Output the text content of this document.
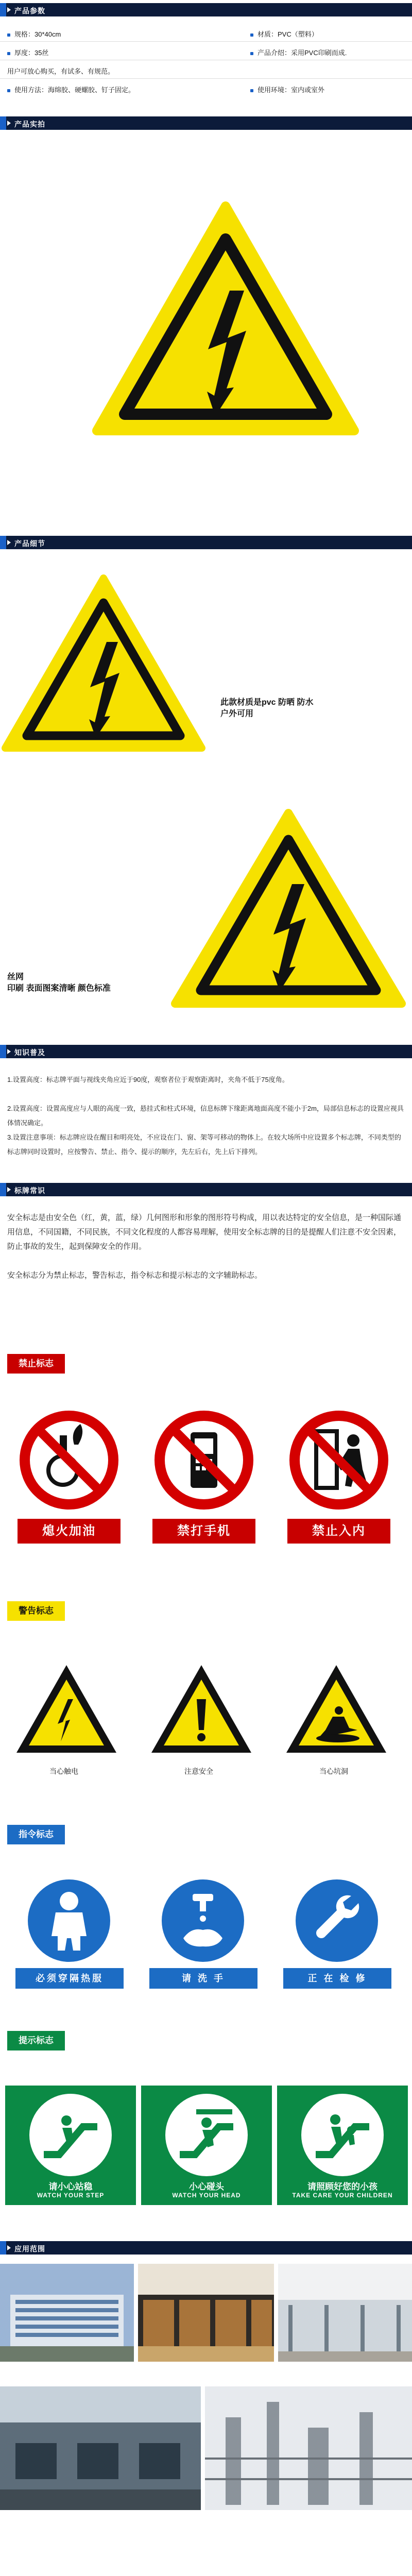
产品参数
规格：30*40cm	材质：PVC（塑料）
厚度：35丝	产品介绍：采用PVC印刷而成.
用户可放心购买，有试多、有规范。
使用方法：海绵胶、硬螺胶、钉子固定。	使用环境：室内或室外
产品实拍
产品细节
此款材质是pvc 防晒 防水
户外可用
丝网
印刷 表面图案清晰 颜色标准
知识普及
1.设置高度：标志牌平面与视线夹角应近于90度，观察者位于观察距离时，夹角不低于75度角。
2.设置高度：设置高度应与人眼的高度一致，悬挂式和柱式环境，信息标牌下缘距离地面高度不能小于2m，局部信息标志的设置应视具体情况确定。
3.设置注意事项：标志牌应设在醒目和明亮处，不应设在门、窗、架等可移动的物体上。在较大场所中应设置多个标志牌，不同类型的标志牌同时设置时，应按警告、禁止、指令、提示的顺序，先左后右，先上后下排列。
标牌常识
安全标志是由安全色（红，黄，蓝，绿）几何图形和形象的图形符号构成，用以表达特定的安全信息，是一种国际通用信息，不同国籍，不同民族，不同文化程度的人都容易理解，使用安全标志牌的目的是提醒人们注意不安全因素，防止事故的发生，起到保障安全的作用。
安全标志分为禁止标志，警告标志，指令标志和提示标志的文字辅助标志。
禁止标志
熄火加油	禁打手机	禁止入内
警告标志
当心触电	注意安全	当心坑洞
指令标志
必须穿隔热服	请 洗 手	正 在 检 修
提示标志
请小心站稳
WATCH YOUR STEP
小心碰头
WATCH YOUR HEAD
请照顾好您的小孩
TAKE CARE YOUR CHILDREN
应用范围
